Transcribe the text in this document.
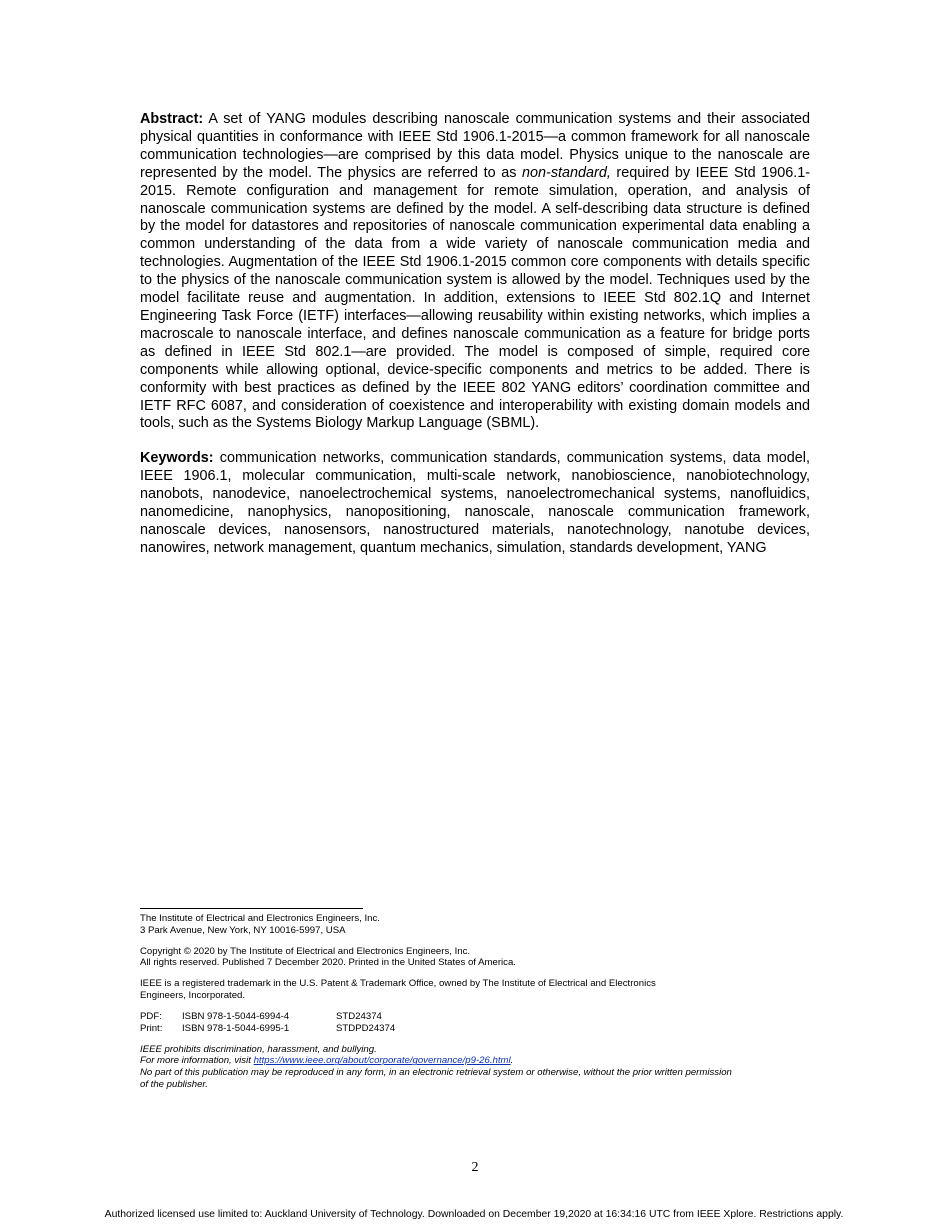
Abstract: A set of YANG modules describing nanoscale communication systems and their associated physical quantities in conformance with IEEE Std 1906.1-2015—a common framework for all nanoscale communication technologies—are comprised by this data model. Physics unique to the nanoscale are represented by the model. The physics are referred to as non-standard, required by IEEE Std 1906.1-2015. Remote configuration and management for remote simulation, operation, and analysis of nanoscale communication systems are defined by the model. A self-describing data structure is defined by the model for datastores and repositories of nanoscale communication experimental data enabling a common understanding of the data from a wide variety of nanoscale communication media and technologies. Augmentation of the IEEE Std 1906.1-2015 common core components with details specific to the physics of the nanoscale communication system is allowed by the model. Techniques used by the model facilitate reuse and augmentation. In addition, extensions to IEEE Std 802.1Q and Internet Engineering Task Force (IETF) interfaces—allowing reusability within existing networks, which implies a macroscale to nanoscale interface, and defines nanoscale communication as a feature for bridge ports as defined in IEEE Std 802.1—are provided. The model is composed of simple, required core components while allowing optional, device-specific components and metrics to be added. There is conformity with best practices as defined by the IEEE 802 YANG editors’ coordination committee and IETF RFC 6087, and consideration of coexistence and interoperability with existing domain models and tools, such as the Systems Biology Markup Language (SBML).

Keywords: communication networks, communication standards, communication systems, data model, IEEE 1906.1, molecular communication, multi-scale network, nanobioscience, nanobiotechnology, nanobots, nanodevice, nanoelectrochemical systems, nanoelectromechanical systems, nanofluidics, nanomedicine, nanophysics, nanopositioning, nanoscale, nanoscale communication framework, nanoscale devices, nanosensors, nanostructured materials, nanotechnology, nanotube devices, nanowires, network management, quantum mechanics, simulation, standards development, YANG

The Institute of Electrical and Electronics Engineers, Inc.
3 Park Avenue, New York, NY 10016-5997, USA
Copyright © 2020 by The Institute of Electrical and Electronics Engineers, Inc.
All rights reserved. Published 7 December 2020. Printed in the United States of America.
IEEE is a registered trademark in the U.S. Patent & Trademark Office, owned by The Institute of Electrical and Electronics
Engineers, Incorporated.
PDF:	ISBN 978-1-5044-6994-4	STD24374
Print:	ISBN 978-1-5044-6995-1	STDPD24374
IEEE prohibits discrimination, harassment, and bullying.
For more information, visit https://www.ieee.org/about/corporate/governance/p9-26.html.
No part of this publication may be reproduced in any form, in an electronic retrieval system or otherwise, without the prior written permission
of the publisher.
2
Authorized licensed use limited to: Auckland University of Technology. Downloaded on December 19,2020 at 16:34:16 UTC from IEEE Xplore. Restrictions apply.
